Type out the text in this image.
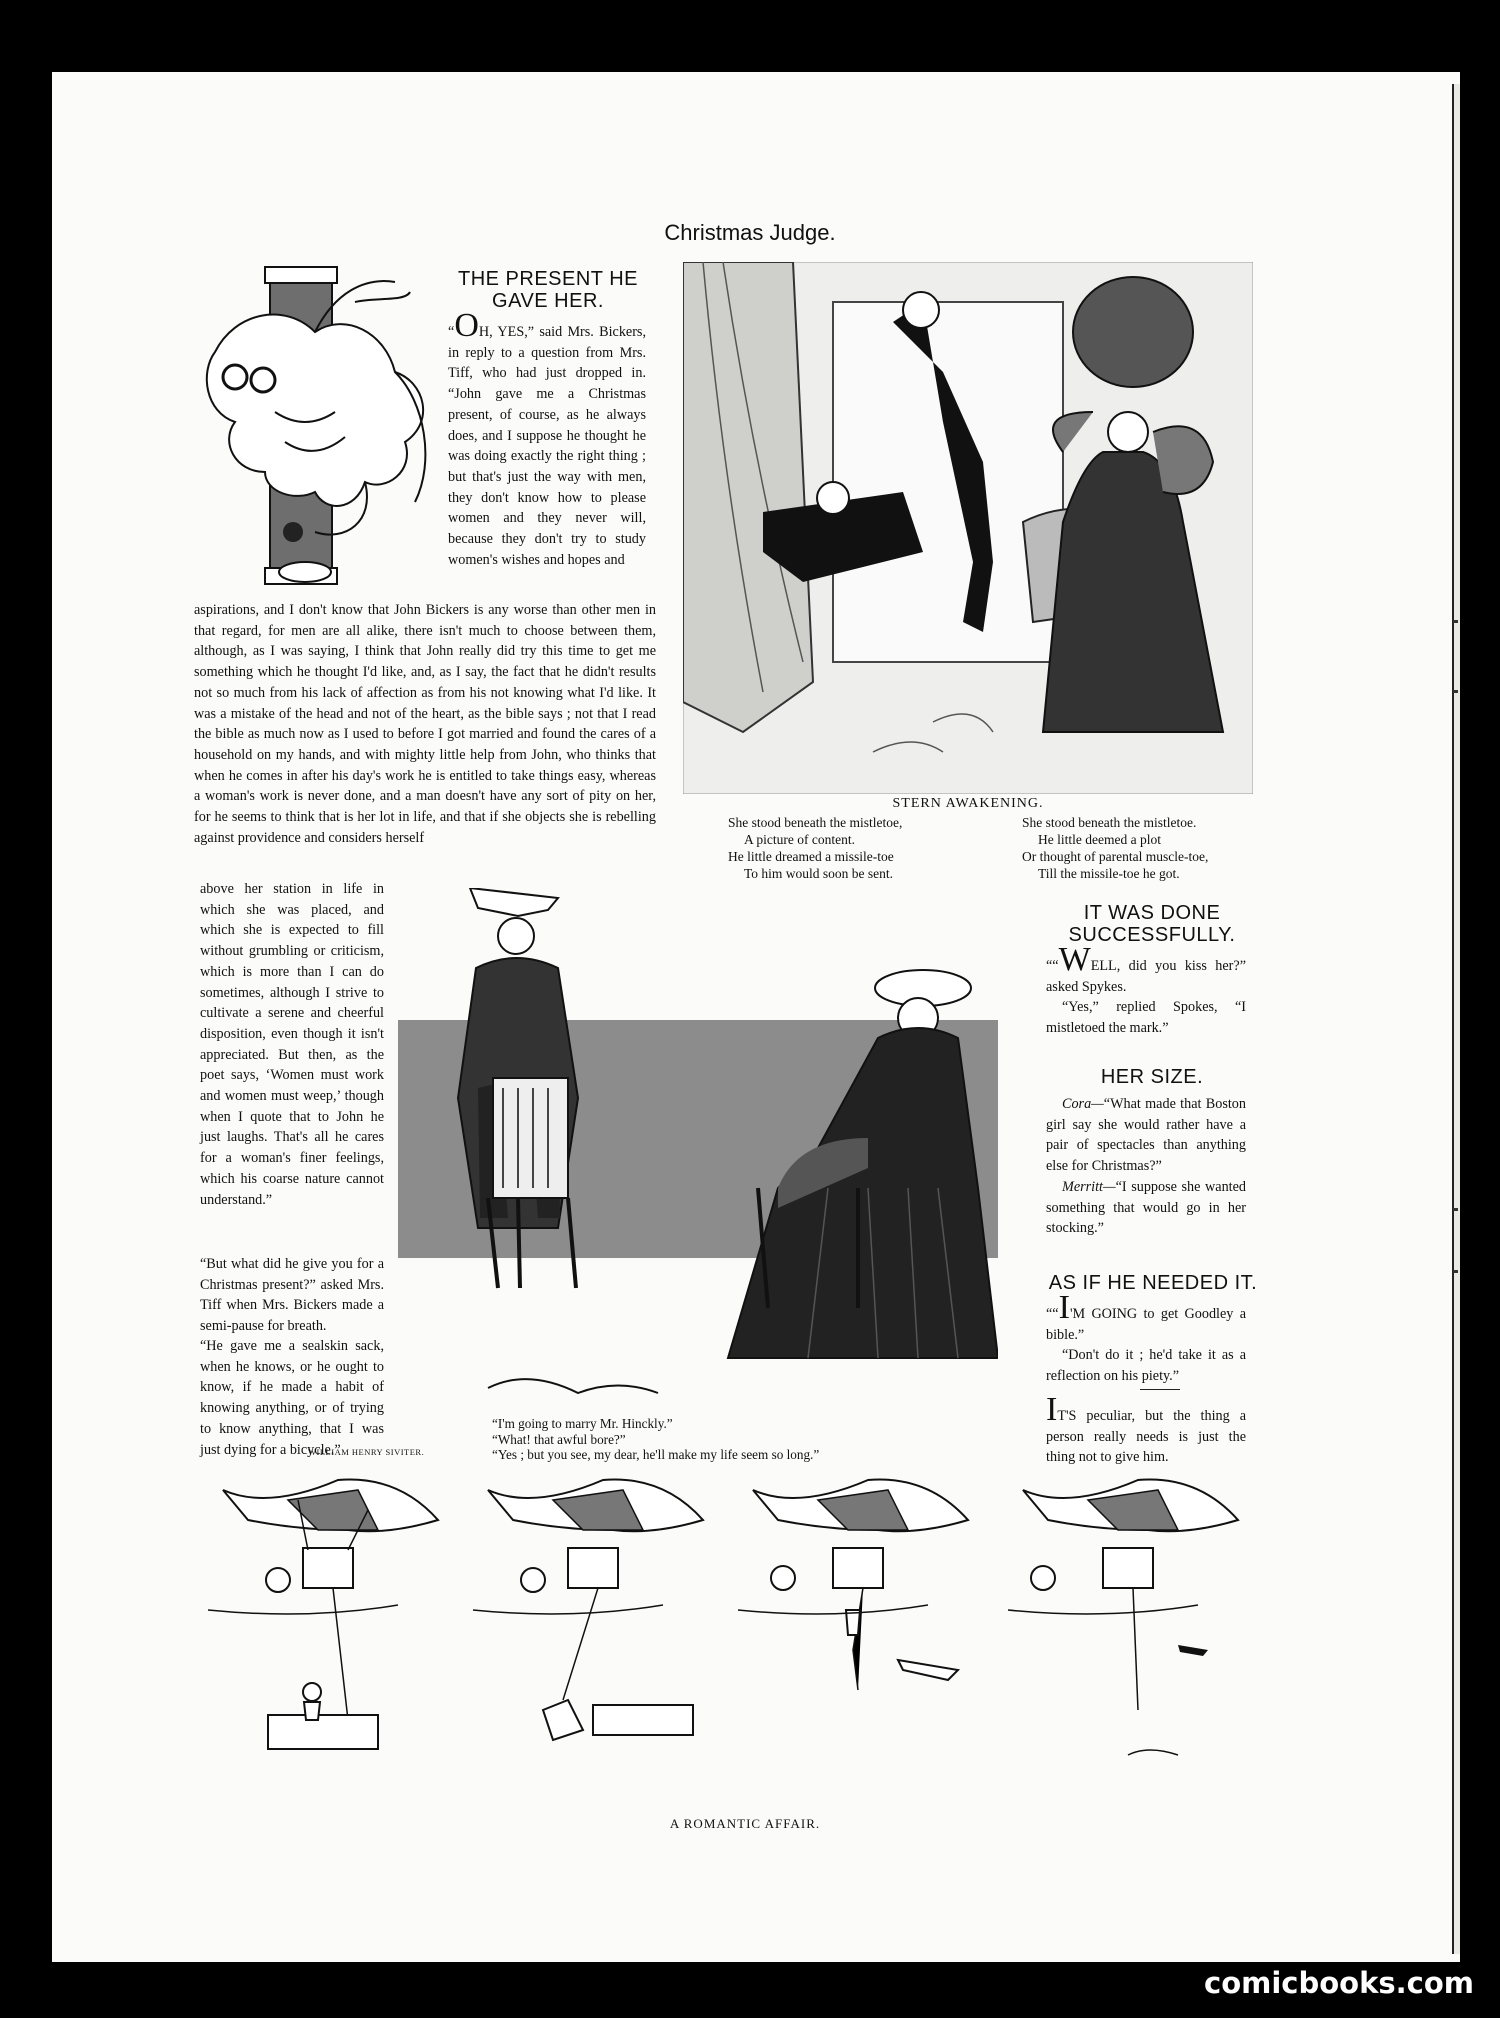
Christmas Judge.
THE PRESENT HE GAVE HER.
“OH, YES,” said Mrs. Bickers, in reply to a question from Mrs. Tiff, who had just dropped in. “John gave me a Christmas present, of course, as he always does, and I suppose he thought he was doing exactly the right thing ; but that's just the way with men, they don't know how to please women and they never will, because they don't try to study women's wishes and hopes and
aspirations, and I don't know that John Bickers is any worse than other men in that regard, for men are all alike, there isn't much to choose between them, although, as I was saying, I think that John really did try this time to get me something which he thought I'd like, and, as I say, the fact that he didn't results not so much from his lack of affection as from his not knowing what I'd like. It was a mistake of the head and not of the heart, as the bible says ; not that I read the bible as much now as I used to before I got married and found the cares of a household on my hands, and with mighty little help from John, who thinks that when he comes in after his day's work he is entitled to take things easy, whereas a woman's work is never done, and a man doesn't have any sort of pity on her, for he seems to think that is her lot in life, and that if she objects she is rebelling against providence and considers herself
above her station in life in which she was placed, and which she is expected to fill without grumbling or criticism, which is more than I can do sometimes, although I strive to cultivate a serene and cheerful disposition, even though it isn't appreciated. But then, as the poet says, ‘Women must work and women must weep,’ though when I quote that to John he just laughs. That's all he cares for a woman's finer feelings, which his coarse nature cannot understand.”
“But what did he give you for a Christmas present?” asked Mrs. Tiff when Mrs. Bickers made a semi-pause for breath.
“He gave me a sealskin sack, when he knows, or he ought to know, if he made a habit of knowing anything, or of trying to know anything, that I was just dying for a bicycle.”
WILLIAM HENRY SIVITER.
STERN AWAKENING.
She stood beneath the mistletoe,
A picture of content.
He little dreamed a missile-toe
To him would soon be sent.
She stood beneath the mistletoe.
He little deemed a plot
Or thought of parental muscle-toe,
Till the missile-toe he got.
IT WAS DONE SUCCESSFULLY.

““WELL, did you kiss her?” asked Spykes.

“Yes,” replied Spokes, “I mistletoed the mark.”

HER SIZE.

Cora—“What made that Boston girl say she would rather have a pair of spectacles than anything else for Christmas?”

Merritt—“I suppose she wanted something that would go in her stocking.”

AS IF HE NEEDED IT.

““I'M GOING to get Goodley a bible.”

“Don't do it ; he'd take it as a reflection on his piety.”

IT'S peculiar, but the thing a person really needs is just the thing not to give him.
“I'm going to marry Mr. Hinckly.”
“What! that awful bore?”
“Yes ; but you see, my dear, he'll make my life seem so long.”
A ROMANTIC AFFAIR.
comicbooks.com
